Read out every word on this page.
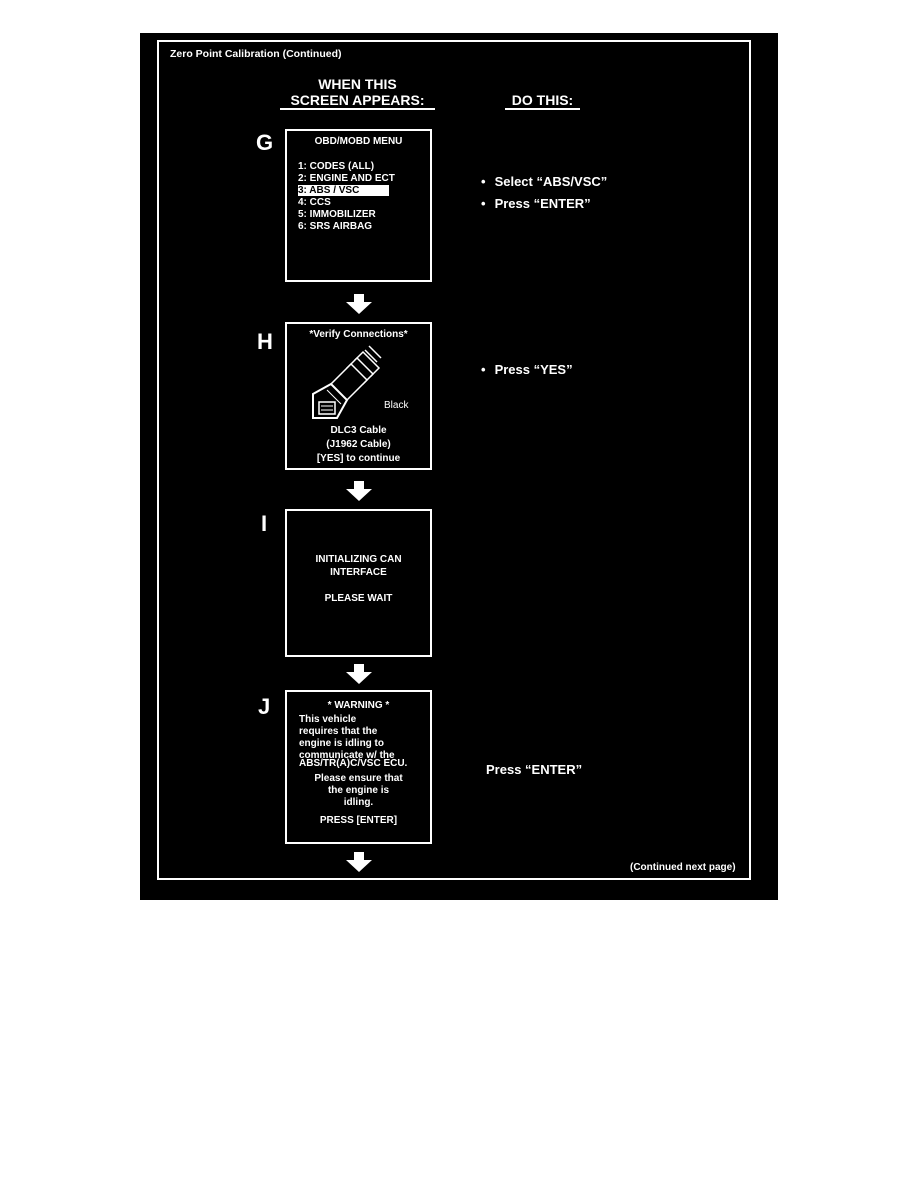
Zero Point Calibration (Continued)
WHEN THIS
SCREEN APPEARS:	DO THIS:
G	OBD/MOBD MENU
1: CODES (ALL)
2: ENGINE AND ECT
3: ABS / VSC
4: CCS
5: IMMOBILIZER
6: SRS AIRBAG
• Select “ABS/VSC”
• Press “ENTER”
H	*Verify Connections*
Black
DLC3 Cable
(J1962 Cable)
[YES] to continue
• Press “YES”
I
INITIALIZING CAN
INTERFACE
PLEASE WAIT
J	* WARNING *
This vehicle
requires that the
engine is idling to
communicate w/ the
ABS/TR(A)C/VSC ECU.
Please ensure that
the engine is
idling.
PRESS [ENTER]
Press “ENTER”
(Continued next page)
